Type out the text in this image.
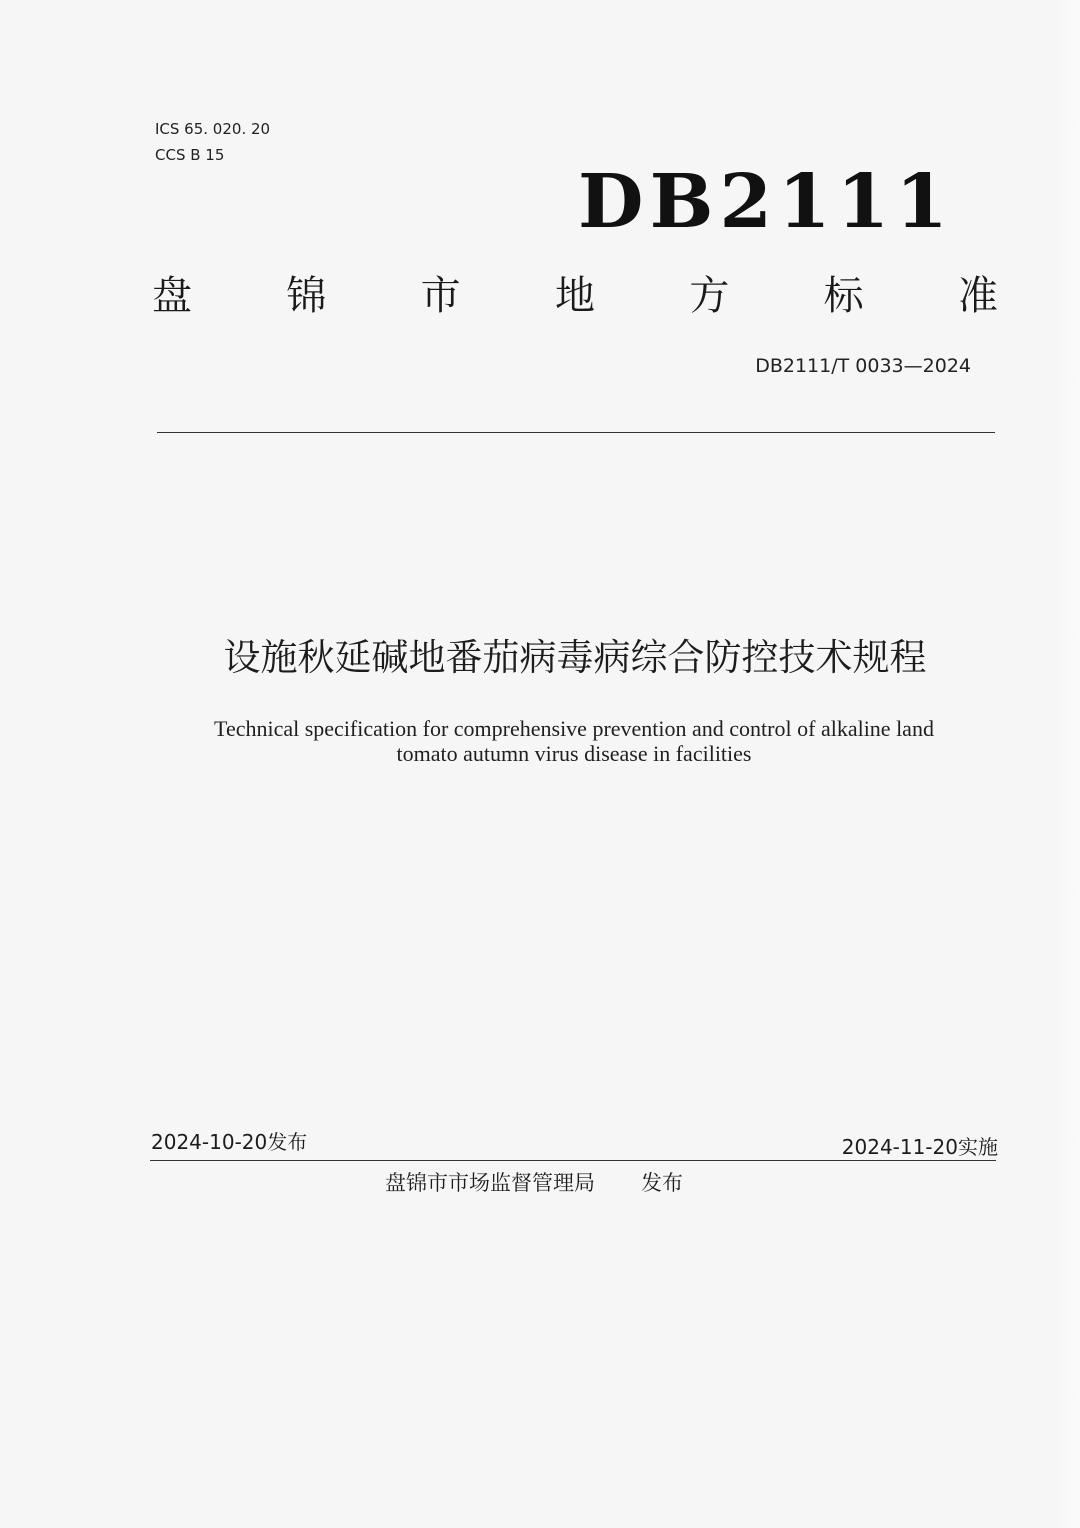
ICS 65. 020. 20
CCS B 15
DB2111
盘 锦 市 地 方 标 准
DB2111/T 0033—2024
设施秋延碱地番茄病毒病综合防控技术规程
Technical specification for comprehensive prevention and control of alkaline land
tomato autumn virus disease in facilities
2024-10-20发布	2024-11-20实施
盘锦市市场监督管理局 发布
